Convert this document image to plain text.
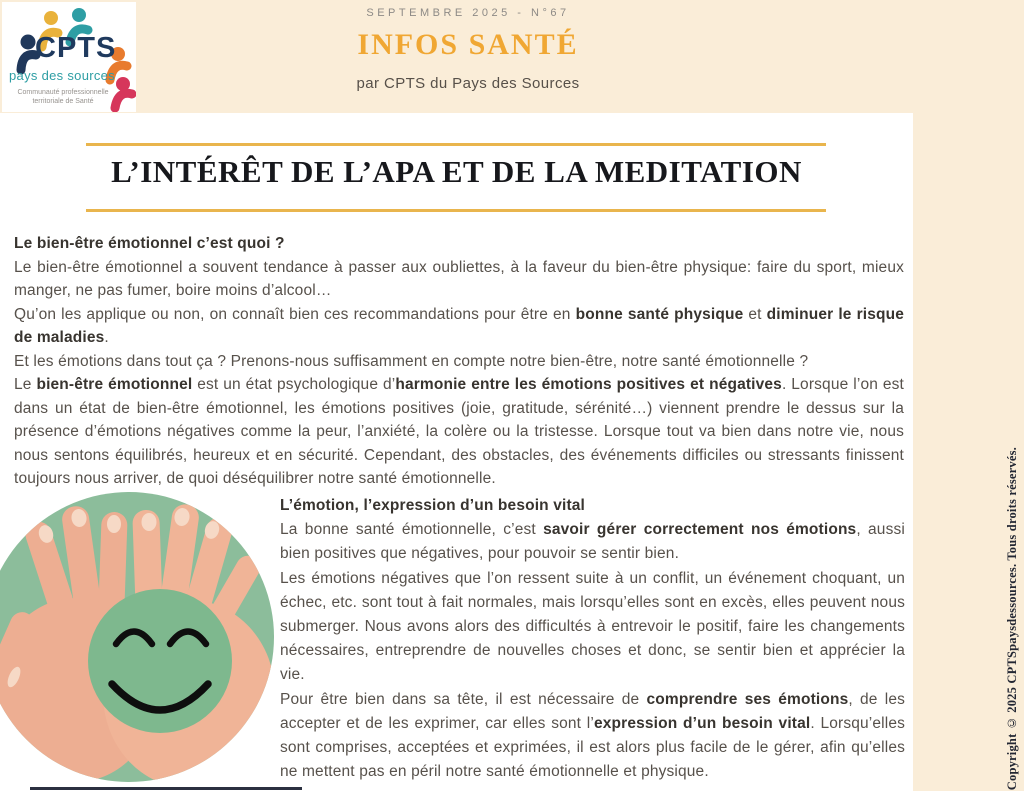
CPTS
pays des sources
Communauté professionnelle
territoriale de Santé
SEPTEMBRE 2025 - N°67
INFOS SANTÉ
par CPTS du Pays des Sources
L’INTÉRÊT DE L’APA ET DE LA MEDITATION
Le bien-être émotionnel c’est quoi ?

Le bien-être émotionnel a souvent tendance à passer aux oubliettes, à la faveur du bien-être physique: faire du sport, mieux manger, ne pas fumer, boire moins d’alcool…

Qu’on les applique ou non, on connaît bien ces recommandations pour être en bonne santé physique et diminuer le risque de maladies.

Et les émotions dans tout ça ? Prenons-nous suffisamment en compte notre bien-être, notre santé émotionnelle ?

Le bien-être émotionnel est un état psychologique d’harmonie entre les émotions positives et négatives. Lorsque l’on est dans un état de bien-être émotionnel, les émotions positives (joie, gratitude, sérénité…) viennent prendre le dessus sur la présence d’émotions négatives comme la peur, l’anxiété, la colère ou la tristesse. Lorsque tout va bien dans notre vie, nous nous sentons équilibrés, heureux et en sécurité. Cependant, des obstacles, des événements difficiles ou stressants finissent toujours nous arriver, de quoi déséquilibrer notre santé émotionnelle.

L’émotion, l’expression d’un besoin vital

La bonne santé émotionnelle, c’est savoir gérer correctement nos émotions, aussi bien positives que négatives, pour pouvoir se sentir bien.

Les émotions négatives que l’on ressent suite à un conflit, un événement choquant, un échec, etc. sont tout à fait normales, mais lorsqu’elles sont en excès, elles peuvent nous submerger. Nous avons alors des difficultés à entrevoir le positif, faire les changements nécessaires, entreprendre de nouvelles choses et donc, se sentir bien et apprécier la vie.

Pour être bien dans sa tête, il est nécessaire de comprendre ses émotions, de les accepter et de les exprimer, car elles sont l’expression d’un besoin vital. Lorsqu’elles sont comprises, acceptées et exprimées, il est alors plus facile de le gérer, afin qu’elles ne mettent pas en péril notre santé émotionnelle et physique.	Copyright © 2025 CPTSpaysdessources. Tous droits réservés.
